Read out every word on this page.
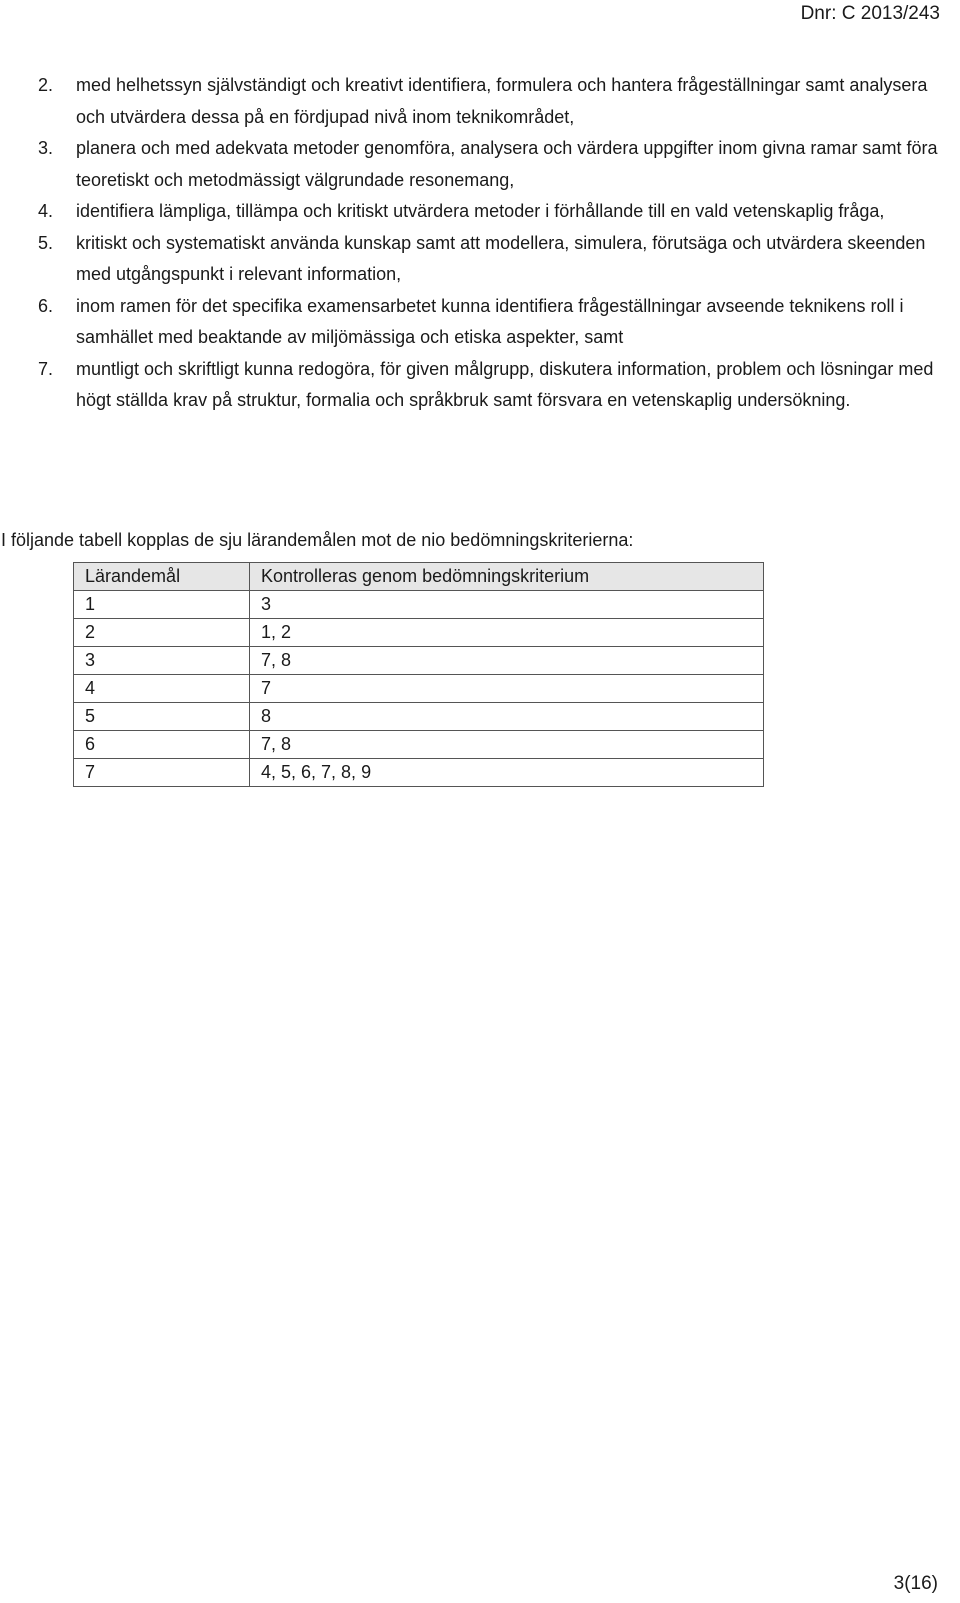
Dnr: C 2013/243
2.	med helhetssyn självständigt och kreativt identifiera, formulera och hantera frågeställningar samt analysera och utvärdera dessa på en fördjupad nivå inom teknikområdet,
3.	planera och med adekvata metoder genomföra, analysera och värdera uppgifter inom givna ramar samt föra teoretiskt och metodmässigt välgrundade resonemang,
4.	identifiera lämpliga, tillämpa och kritiskt utvärdera metoder i förhållande till en vald vetenskaplig fråga,
5.	kritiskt och systematiskt använda kunskap samt att modellera, simulera, förutsäga och utvärdera skeenden med utgångspunkt i relevant information,
6.	inom ramen för det specifika examensarbetet kunna identifiera frågeställningar avseende teknikens roll i samhället med beaktande av miljömässiga och etiska aspekter, samt
7.	muntligt och skriftligt kunna redogöra, för given målgrupp, diskutera information, problem och lösningar med högt ställda krav på struktur, formalia och språkbruk samt försvara en vetenskaplig undersökning.

I följande tabell kopplas de sju lärandemålen mot de nio bedömningskriterierna:

Lärandemål	Kontrolleras genom bedömningskriterium
1	3
2	1, 2
3	7, 8
4	7
5	8
6	7, 8
7	4, 5, 6, 7, 8, 9
3(16)
